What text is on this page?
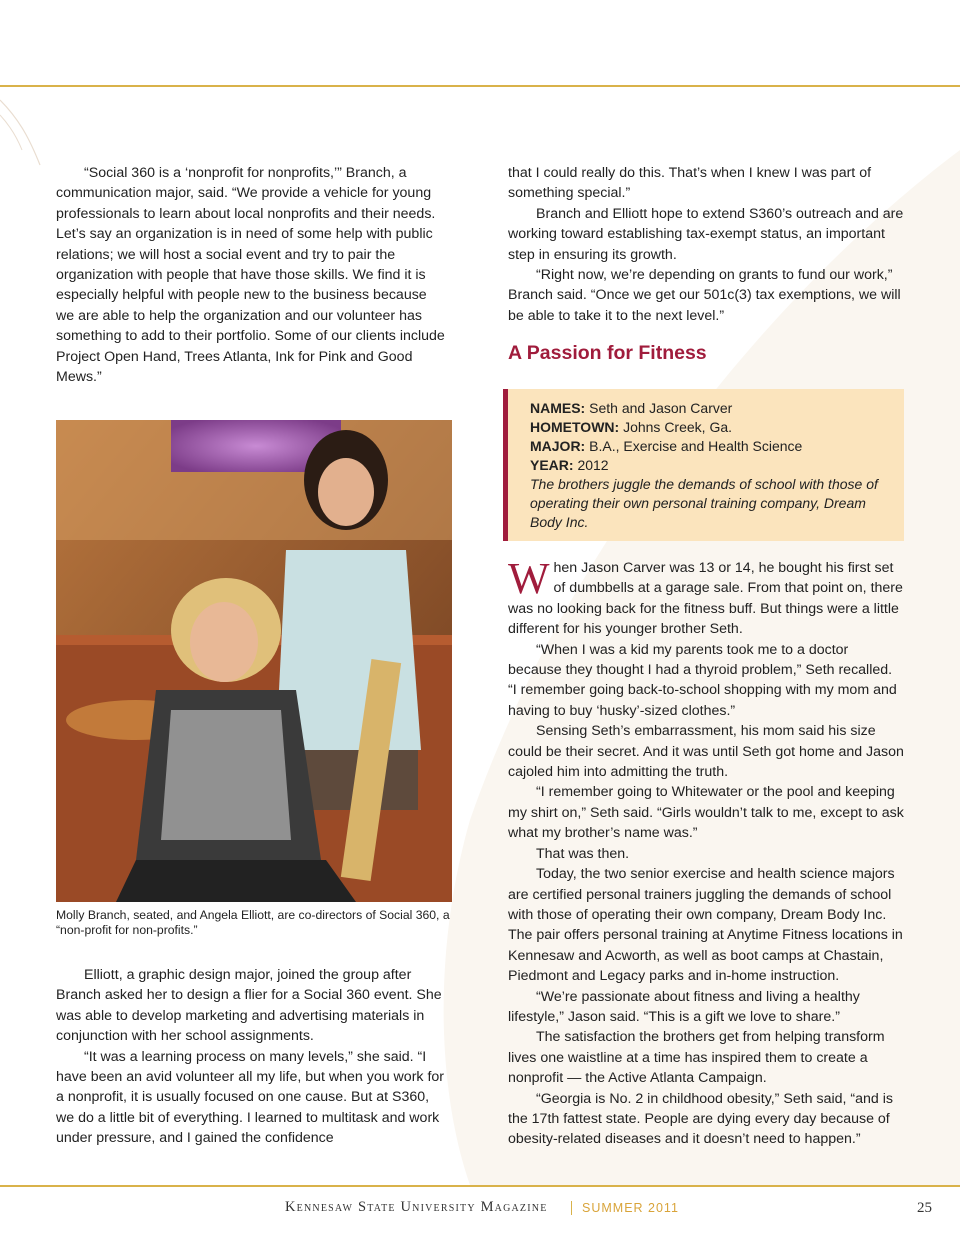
“Social 360 is a ‘nonprofit for nonprofits,’” Branch, a communication major, said. “We provide a vehicle for young professionals to learn about local nonprofits and their needs. Let’s say an organization is in need of some help with public relations; we will host a social event and try to pair the organization with people that have those skills. We find it is especially helpful with people new to the business because we are able to help the organization and our volunteer has something to add to their portfolio. Some of our clients include Project Open Hand, Trees Atlanta, Ink for Pink and Good Mews.”

Molly Branch, seated, and Angela Elliott, are co-directors of Social 360, a “non-profit for non-profits.”

Elliott, a graphic design major, joined the group after Branch asked her to design a flier for a Social 360 event. She was able to develop marketing and advertising materials in conjunction with her school assignments.

“It was a learning process on many levels,” she said. “I have been an avid volunteer all my life, but when you work for a nonprofit, it is usually focused on one cause. But at S360, we do a little bit of everything. I learned to multitask and work under pressure, and I gained the confidence

that I could really do this. That’s when I knew I was part of something special.”

Branch and Elliott hope to extend S360’s outreach and are working toward establishing tax-exempt status, an important step in ensuring its growth.

“Right now, we’re depending on grants to fund our work,” Branch said. “Once we get our 501c(3) tax exemptions, we will be able to take it to the next level.”

A Passion for Fitness
NAMES: Seth and Jason Carver
HOMETOWN: Johns Creek, Ga.
MAJOR: B.A., Exercise and Health Science
YEAR: 2012
The brothers juggle the demands of school with those of operating their own personal training company, Dream Body Inc.

When Jason Carver was 13 or 14, he bought his first set of dumbbells at a garage sale. From that point on, there was no looking back for the fitness buff. But things were a little different for his younger brother Seth.

“When I was a kid my parents took me to a doctor because they thought I had a thyroid problem,” Seth recalled. “I remember going back-to-school shopping with my mom and having to buy ‘husky’-sized clothes.”

Sensing Seth’s embarrassment, his mom said his size could be their secret. And it was until Seth got home and Jason cajoled him into admitting the truth.

“I remember going to Whitewater or the pool and keeping my shirt on,” Seth said. “Girls wouldn’t talk to me, except to ask what my brother’s name was.”

That was then.

Today, the two senior exercise and health science majors are certified personal trainers juggling the demands of school with those of operating their own company, Dream Body Inc. The pair offers personal training at Anytime Fitness locations in Kennesaw and Acworth, as well as boot camps at Chastain, Piedmont and Legacy parks and in-home instruction.

“We’re passionate about fitness and living a healthy lifestyle,” Jason said. “This is a gift we love to share.”

The satisfaction the brothers get from helping transform lives one waistline at a time has inspired them to create a nonprofit — the Active Atlanta Campaign.

“Georgia is No. 2 in childhood obesity,” Seth said, “and is the 17th fattest state. People are dying every day because of obesity-related diseases and it doesn’t need to happen.”

Kennesaw State University Magazine	SUMMER 2011	25
